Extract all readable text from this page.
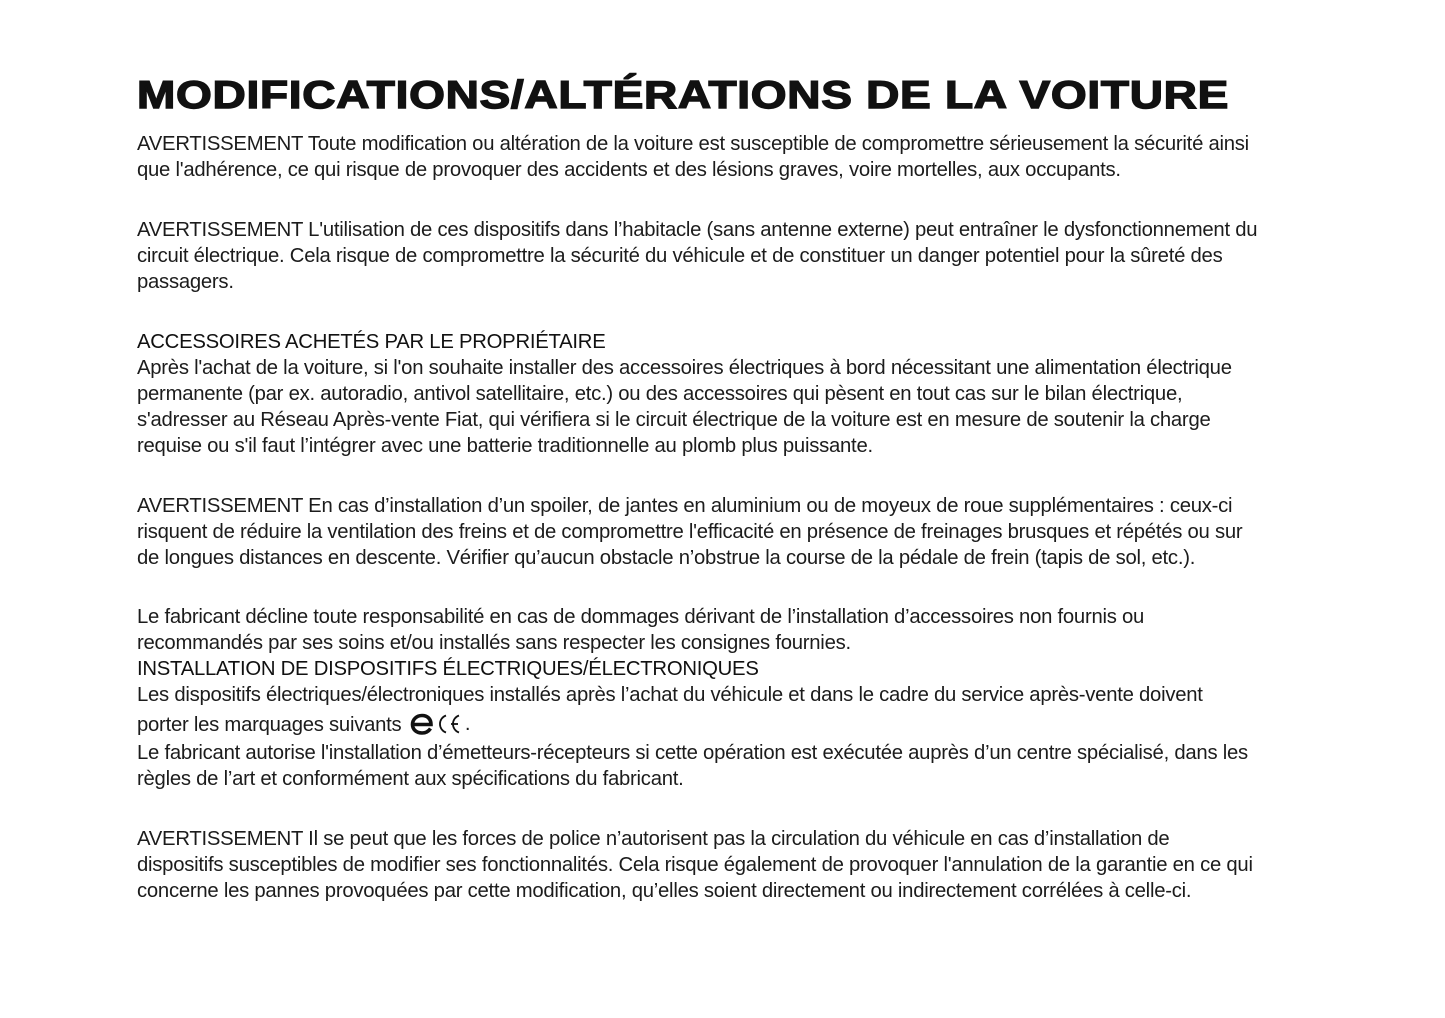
MODIFICATIONS/ALTÉRATIONS DE LA VOITURE
AVERTISSEMENT Toute modification ou altération de la voiture est susceptible de compromettre sérieusement la sécurité ainsi
que l'adhérence, ce qui risque de provoquer des accidents et des lésions graves, voire mortelles, aux occupants.
AVERTISSEMENT L'utilisation de ces dispositifs dans l’habitacle (sans antenne externe) peut entraîner le dysfonctionnement du
circuit électrique. Cela risque de compromettre la sécurité du véhicule et de constituer un danger potentiel pour la sûreté des
passagers.
ACCESSOIRES ACHETÉS PAR LE PROPRIÉTAIRE
Après l'achat de la voiture, si l'on souhaite installer des accessoires électriques à bord nécessitant une alimentation électrique
permanente (par ex. autoradio, antivol satellitaire, etc.) ou des accessoires qui pèsent en tout cas sur le bilan électrique,
s'adresser au Réseau Après-vente Fiat, qui vérifiera si le circuit électrique de la voiture est en mesure de soutenir la charge
requise ou s'il faut l’intégrer avec une batterie traditionnelle au plomb plus puissante.
AVERTISSEMENT En cas d’installation d’un spoiler, de jantes en aluminium ou de moyeux de roue supplémentaires : ceux-ci
risquent de réduire la ventilation des freins et de compromettre l'efficacité en présence de freinages brusques et répétés ou sur
de longues distances en descente. Vérifier qu’aucun obstacle n’obstrue la course de la pédale de frein (tapis de sol, etc.).
Le fabricant décline toute responsabilité en cas de dommages dérivant de l’installation d’accessoires non fournis ou
recommandés par ses soins et/ou installés sans respecter les consignes fournies.
INSTALLATION DE DISPOSITIFS ÉLECTRIQUES/ÉLECTRONIQUES
Les dispositifs électriques/électroniques installés après l’achat du véhicule et dans le cadre du service après-vente doivent
porter les marquages suivants	.
Le fabricant autorise l'installation d’émetteurs-récepteurs si cette opération est exécutée auprès d’un centre spécialisé, dans les
règles de l’art et conformément aux spécifications du fabricant.
AVERTISSEMENT Il se peut que les forces de police n’autorisent pas la circulation du véhicule en cas d’installation de
dispositifs susceptibles de modifier ses fonctionnalités. Cela risque également de provoquer l'annulation de la garantie en ce qui
concerne les pannes provoquées par cette modification, qu’elles soient directement ou indirectement corrélées à celle-ci.
